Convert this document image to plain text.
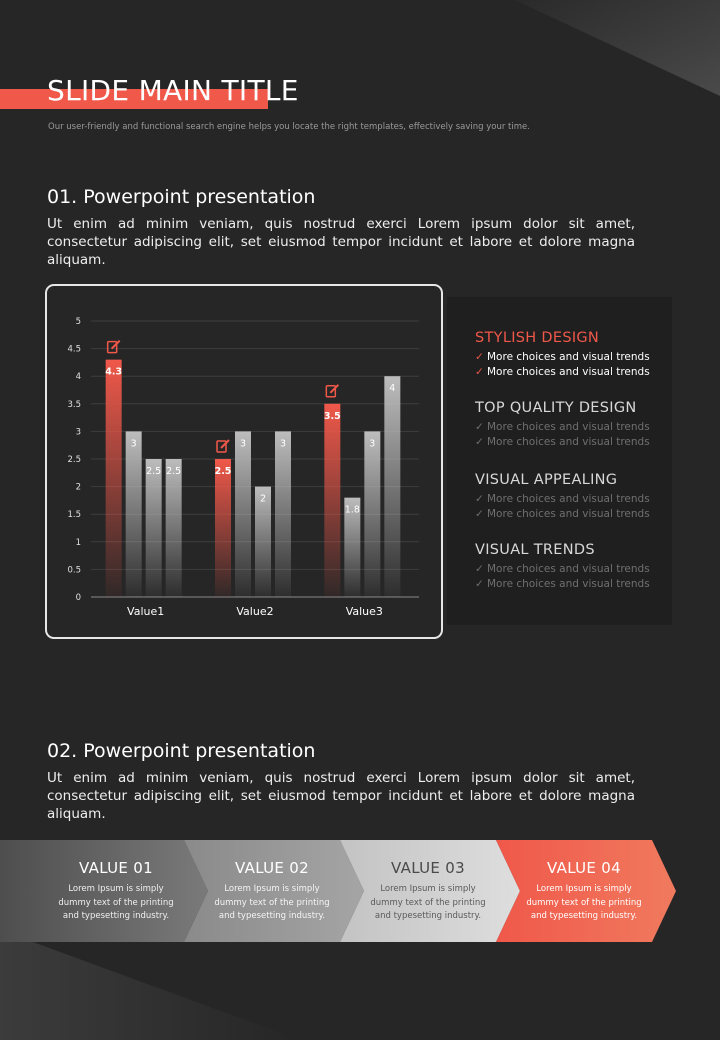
SLIDE MAIN TITLE
Our user-friendly and functional search engine helps you locate the right templates, effectively saving your time.
01. Powerpoint presentation
Ut enim ad minim veniam, quis nostrud exerci Lorem ipsum dolor sit amet, consectetur adipiscing elit, set eiusmod tempor incidunt et labore et dolore magna aliquam.
0
0.5
1
1.5
2
2.5
3
3.5
4
4.5
5
4.3
3
2.5 2.5
Value1
2.5
3
2
3
Value2
3.5
1.8
3
4
Value3
STYLISH DESIGN
✓ More choices and visual trends
✓ More choices and visual trends
TOP QUALITY DESIGN
✓ More choices and visual trends
✓ More choices and visual trends
VISUAL APPEALING
✓ More choices and visual trends
✓ More choices and visual trends
VISUAL TRENDS
✓ More choices and visual trends
✓ More choices and visual trends
02. Powerpoint presentation
Ut enim ad minim veniam, quis nostrud exerci Lorem ipsum dolor sit amet, consectetur adipiscing elit, set eiusmod tempor incidunt et labore et dolore magna aliquam.
VALUE 01
Lorem Ipsum is simply
dummy text of the printing
and typesetting industry.
VALUE 02
Lorem Ipsum is simply
dummy text of the printing
and typesetting industry.
VALUE 03
Lorem Ipsum is simply
dummy text of the printing
and typesetting industry.
VALUE 04
Lorem Ipsum is simply
dummy text of the printing
and typesetting industry.
